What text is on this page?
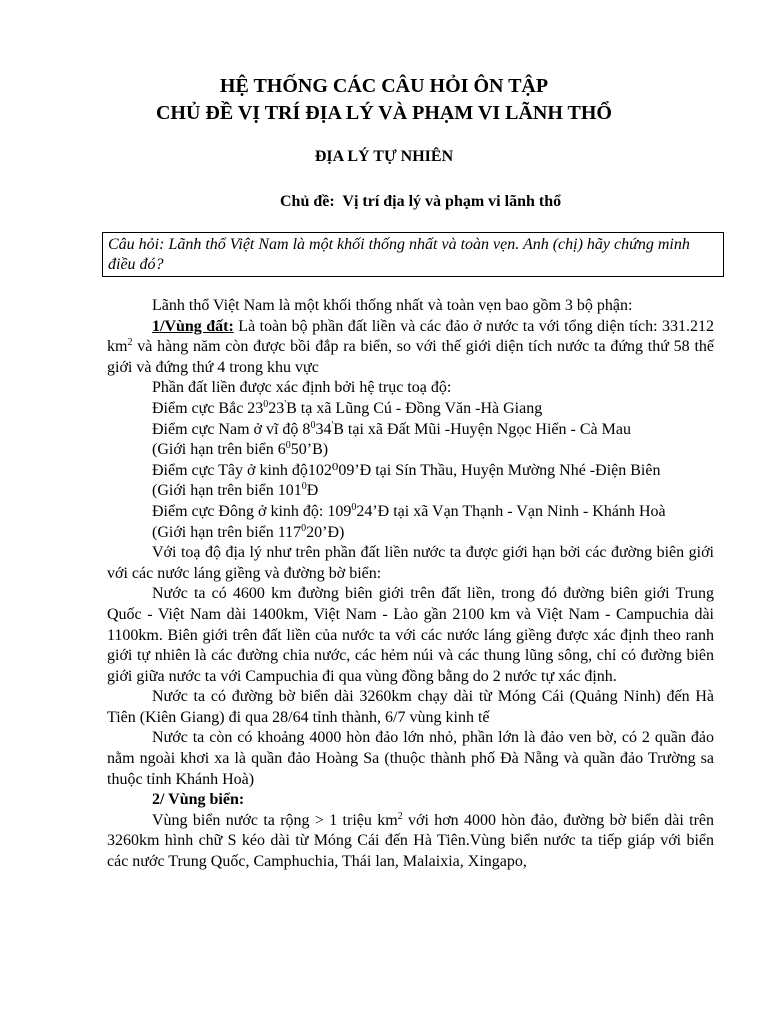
HỆ THỐNG CÁC CÂU HỎI ÔN TẬP
CHỦ ĐỀ VỊ TRÍ ĐỊA LÝ VÀ PHẠM VI LÃNH THỔ
ĐỊA LÝ TỰ NHIÊN
Chủ đề:  Vị trí địa lý và phạm vi lãnh thổ
Câu hỏi: Lãnh thổ Việt Nam là một khối thống nhất và toàn vẹn. Anh (chị) hãy chứng minh điều đó?

Lãnh thổ Việt Nam là một khối thống nhất và toàn vẹn bao gồm 3 bộ phận:

1/Vùng đất: Là toàn bộ phần đất liền và các đảo ở nước ta với tổng diện tích: 331.212 $km^2$ và hàng năm còn được bồi đắp ra biển, so với thế giới diện tích nước ta đứng thứ 58 thế giới và đứng thứ 4 trong khu vực

Phần đất liền được xác định bởi hệ trục toạ độ:

Điểm cực Bắc $23^023'B$ tạ xã Lũng Cú - Đồng Văn -Hà Giang

Điểm cực Nam ở vĩ độ $8^034'B$ tại xã Đất Mũi -Huyện Ngọc Hiển - Cà Mau

(Giới hạn trên biển $6^050’B$)

Điểm cực Tây ở kinh độ102⁰09’Đ tại Sín Thầu, Huyện Mường Nhé -Điện Biên

(Giới hạn trên biển $101^0Đ$

Điểm cực Đông ở kinh độ: $109^024’Đ$ tại xã Vạn Thạnh - Vạn Ninh - Khánh Hoà

(Giới hạn trên biển $117^020’Đ$)

Với toạ độ địa lý như trên phần đất liền nước ta được giới hạn bởi các đường biên giới với các nước láng giềng và đường bờ biển:

Nước ta có 4600 km đường biên giới trên đất liền, trong đó đường biên giới Trung Quốc - Việt Nam dài 1400km, Việt Nam - Lào gần 2100 km và Việt Nam - Campuchia dài 1100km. Biên giới trên đất liền của nước ta với các nước láng giềng được xác định theo ranh giới tự nhiên là các đường chia nước, các hẻm núi và các thung lũng sông, chỉ có đường biên giới giữa nước ta với Campuchia đi qua vùng đồng bằng do 2 nước tự xác định.

Nước ta có đường bờ biển dài 3260km chạy dài từ Móng Cái (Quảng Ninh) đến Hà Tiên (Kiên Giang) đi qua 28/64 tỉnh thành, 6/7 vùng kinh tế

Nước ta còn có khoảng 4000 hòn đảo lớn nhỏ, phần lớn là đảo ven bờ, có 2 quần đảo nằm ngoài khơi xa là quần đảo Hoàng Sa (thuộc thành phố Đà Nẵng và quần đảo Trường sa thuộc tỉnh Khánh Hoà)

2/ Vùng biển:

Vùng biển nước ta rộng > 1 triệu $km^2$ với hơn 4000 hòn đảo, đường bờ biển dài trên 3260km hình chữ S kéo dài từ Móng Cái đến Hà Tiên.Vùng biển nước ta tiếp giáp với biển các nước Trung Quốc, Camphuchia, Thái lan, Malaixia, Xingapo,
